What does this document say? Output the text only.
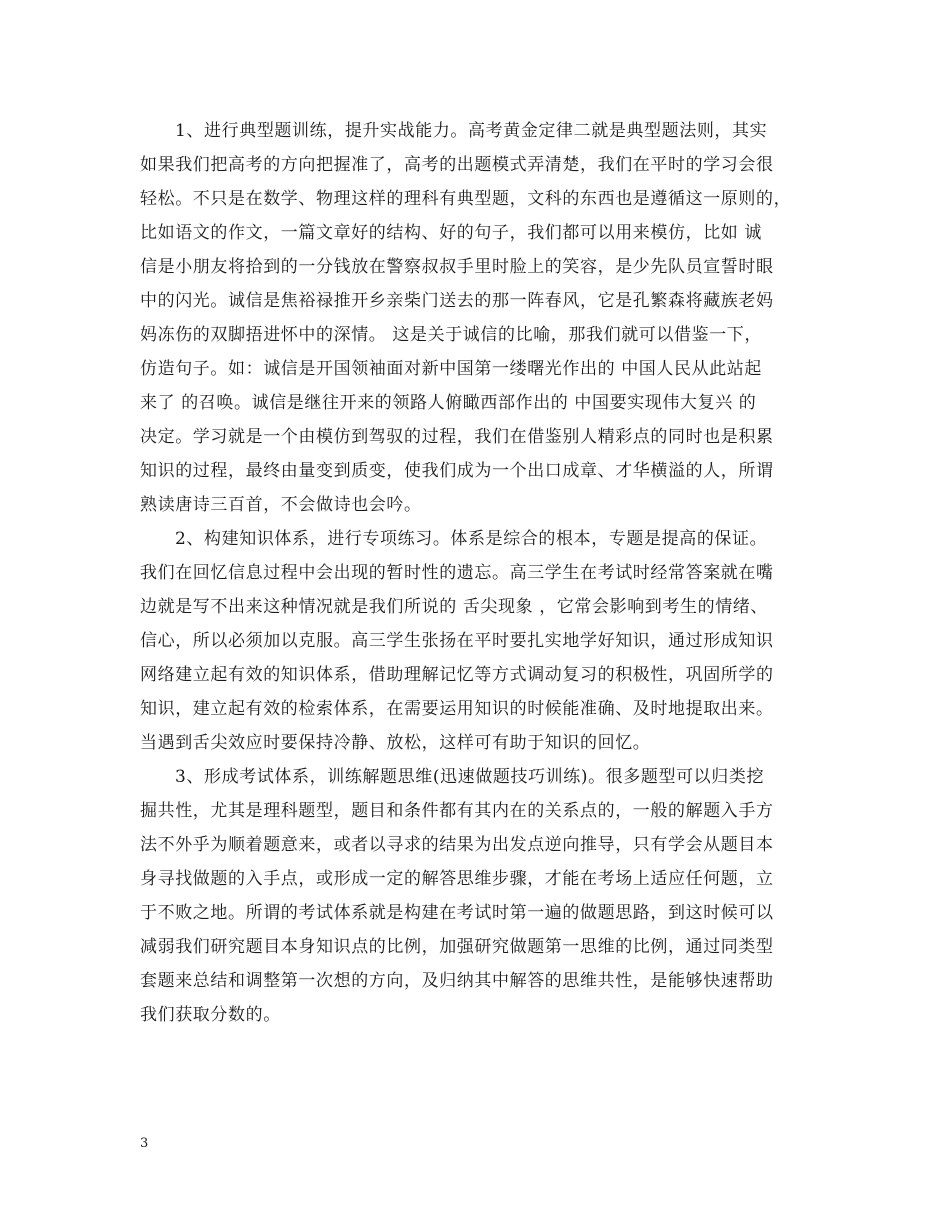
1、进行典型题训练，提升实战能力。高考黄金定律二就是典型题法则，其实
如果我们把高考的方向把握准了，高考的出题模式弄清楚，我们在平时的学习会很
轻松。不只是在数学、物理这样的理科有典型题，文科的东西也是遵循这一原则的，
比如语文的作文，一篇文章好的结构、好的句子，我们都可以用来模仿，比如 诚
信是小朋友将拾到的一分钱放在警察叔叔手里时脸上的笑容，是少先队员宣誓时眼
中的闪光。诚信是焦裕禄推开乡亲柴门送去的那一阵春风，它是孔繁森将藏族老妈
妈冻伤的双脚捂进怀中的深情。 这是关于诚信的比喻，那我们就可以借鉴一下，
仿造句子。如：诚信是开国领袖面对新中国第一缕曙光作出的 中国人民从此站起
来了 的召唤。诚信是继往开来的领路人俯瞰西部作出的 中国要实现伟大复兴 的
决定。学习就是一个由模仿到驾驭的过程，我们在借鉴别人精彩点的同时也是积累
知识的过程，最终由量变到质变，使我们成为一个出口成章、才华横溢的人，所谓
熟读唐诗三百首，不会做诗也会吟。
2、构建知识体系，进行专项练习。体系是综合的根本，专题是提高的保证。
我们在回忆信息过程中会出现的暂时性的遗忘。高三学生在考试时经常答案就在嘴
边就是写不出来这种情况就是我们所说的 舌尖现象 ，它常会影响到考生的情绪、
信心，所以必须加以克服。高三学生张扬在平时要扎实地学好知识，通过形成知识
网络建立起有效的知识体系，借助理解记忆等方式调动复习的积极性，巩固所学的
知识，建立起有效的检索体系，在需要运用知识的时候能准确、及时地提取出来。
当遇到舌尖效应时要保持冷静、放松，这样可有助于知识的回忆。
3、形成考试体系，训练解题思维(迅速做题技巧训练)。很多题型可以归类挖
掘共性，尤其是理科题型，题目和条件都有其内在的关系点的，一般的解题入手方
法不外乎为顺着题意来，或者以寻求的结果为出发点逆向推导，只有学会从题目本
身寻找做题的入手点，或形成一定的解答思维步骤，才能在考场上适应任何题，立
于不败之地。所谓的考试体系就是构建在考试时第一遍的做题思路，到这时候可以
减弱我们研究题目本身知识点的比例，加强研究做题第一思维的比例，通过同类型
套题来总结和调整第一次想的方向，及归纳其中解答的思维共性，是能够快速帮助
我们获取分数的。
3
